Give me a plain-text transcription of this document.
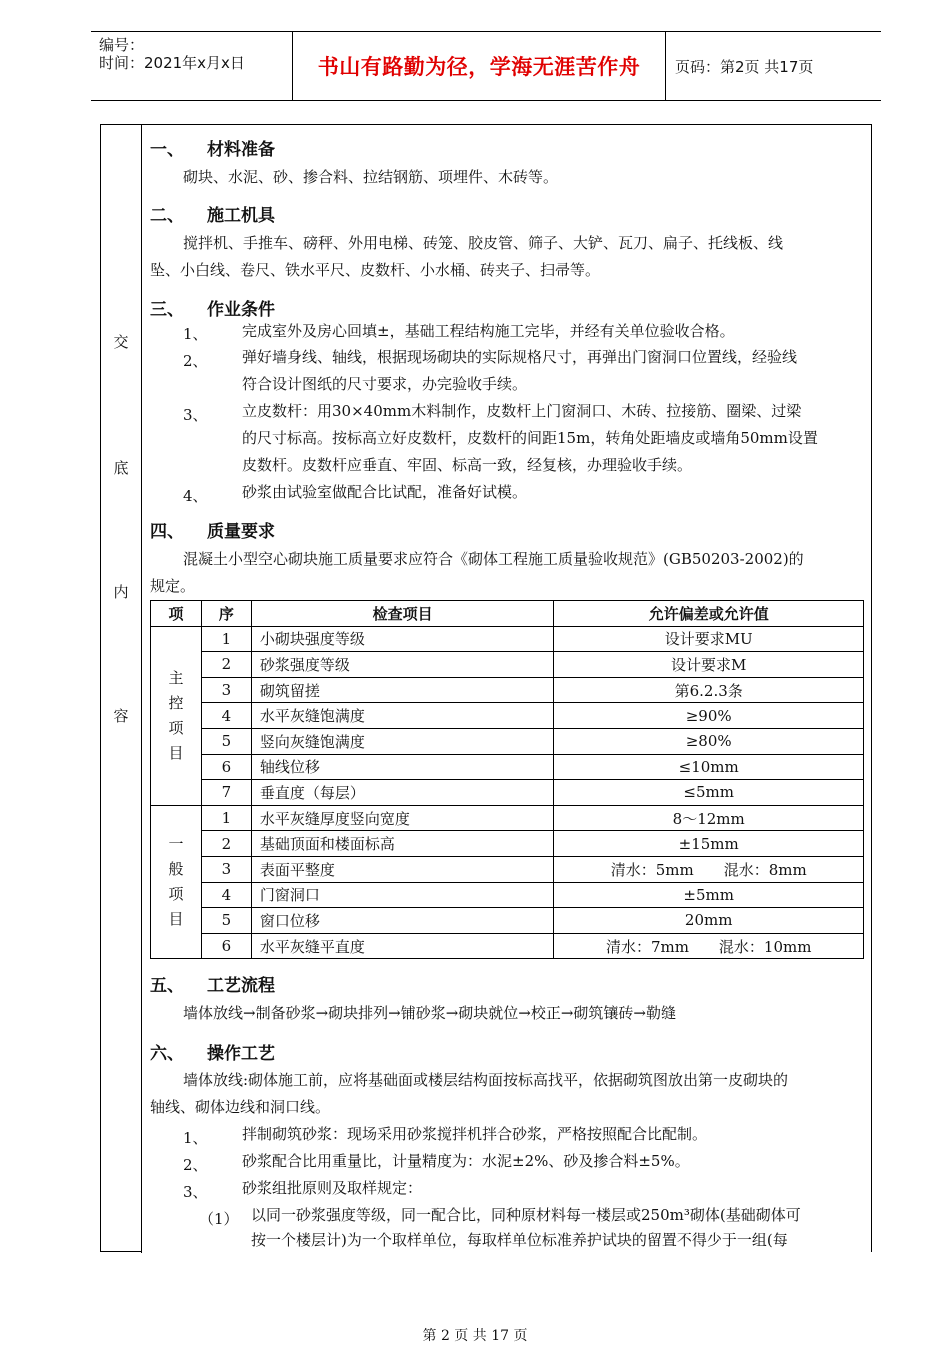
编号：
时间：2021年x月x日	书山有路勤为径，学海无涯苦作舟	页码：第2页 共17页
交
底
内
容
一、 材料准备
砌块、水泥、砂、掺合料、拉结钢筋、项埋件、木砖等。
二、 施工机具
搅拌机、手推车、磅秤、外用电梯、砖笼、胶皮管、筛子、大铲、瓦刀、扁子、托线板、线
坠、小白线、卷尺、铁水平尺、皮数杆、小水桶、砖夹子、扫帚等。
三、 作业条件
1、 完成室外及房心回填±，基础工程结构施工完毕，并经有关单位验收合格。
2、 弹好墙身线、轴线，根据现场砌块的实际规格尺寸，再弹出门窗洞口位置线，经验线
符合设计图纸的尺寸要求，办完验收手续。
3、 立皮数杆：用30×40mm木料制作，皮数杆上门窗洞口、木砖、拉接筋、圈梁、过梁
的尺寸标高。按标高立好皮数杆，皮数杆的间距15m，转角处距墙皮或墙角50mm设置
皮数杆。皮数杆应垂直、牢固、标高一致，经复核，办理验收手续。
4、 砂浆由试验室做配合比试配，准备好试模。
四、 质量要求
混凝土小型空心砌块施工质量要求应符合《砌体工程施工质量验收规范》(GB50203-2002)的
规定。
项	序	检查项目	允许偏差或允许值

主控项目	1	小砌块强度等级	设计要求MU
	2	砂浆强度等级	设计要求M
	3	砌筑留搓	第6.2.3条
	4	水平灰缝饱满度	≥90%
	5	竖向灰缝饱满度	≥80%
	6	轴线位移	≤10mm
	7	垂直度（每层）	≤5mm

一般项目	1	水平灰缝厚度竖向宽度	8～12mm
	2	基础顶面和楼面标高	±15mm
	3	表面平整度	清水：5mm　　混水：8mm
	4	门窗洞口	±5mm
	5	窗口位移	20mm
	6	水平灰缝平直度	清水：7mm　　混水：10mm
五、 工艺流程
墙体放线→制备砂浆→砌块排列→铺砂浆→砌块就位→校正→砌筑镶砖→勒缝
六、 操作工艺
墙体放线:砌体施工前，应将基础面或楼层结构面按标高找平，依据砌筑图放出第一皮砌块的
轴线、砌体边线和洞口线。
1、 拌制砌筑砂浆：现场采用砂浆搅拌机拌合砂浆，严格按照配合比配制。
2、 砂浆配合比用重量比，计量精度为：水泥±2%、砂及掺合料±5%。
3、 砂浆组批原则及取样规定：
（1） 以同一砂浆强度等级，同一配合比，同种原材料每一楼层或250m³砌体(基础砌体可
按一个楼层计)为一个取样单位，每取样单位标准养护试块的留置不得少于一组(每
第 2 页 共 17 页
